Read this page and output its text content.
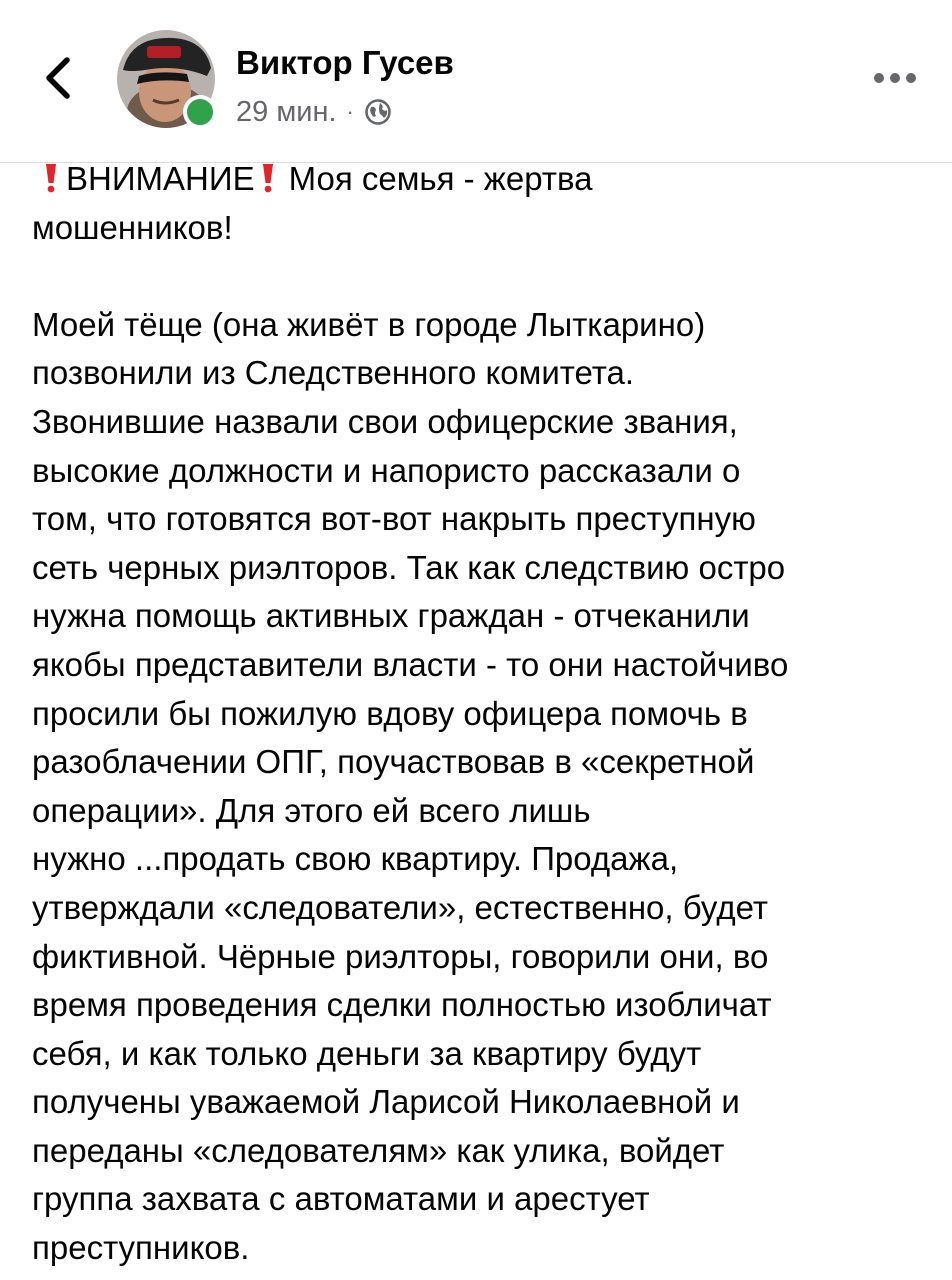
Виктор Гусев
29 мин. ·
ВНИМАНИЕ Моя семья - жертва
мошенников!
Моей тёще (она живёт в городе Лыткарино)
позвонили из Следственного комитета.
Звонившие назвали свои офицерские звания,
высокие должности и напористо рассказали о
том, что готовятся вот-вот накрыть преступную
сеть черных риэлторов. Так как следствию остро
нужна помощь активных граждан - отчеканили
якобы представители власти - то они настойчиво
просили бы пожилую вдову офицера помочь в
разоблачении ОПГ, поучаствовав в «секретной
операции». Для этого ей всего лишь
нужно ...продать свою квартиру. Продажа,
утверждали «следователи», естественно, будет
фиктивной. Чёрные риэлторы, говорили они, во
время проведения сделки полностью изобличат
себя, и как только деньги за квартиру будут
получены уважаемой Ларисой Николаевной и
переданы «следователям» как улика, войдет
группа захвата с автоматами и арестует
преступников.
